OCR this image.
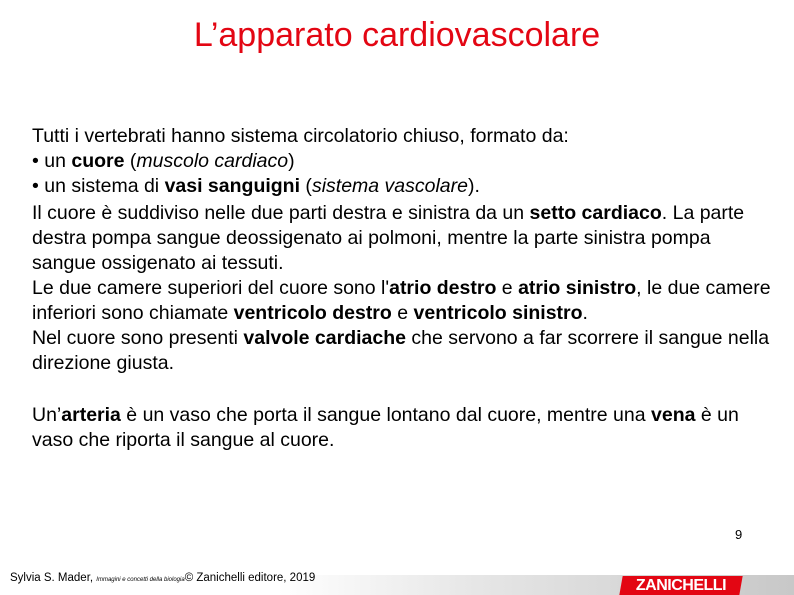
L’apparato cardiovascolare

Tutti i vertebrati hanno sistema circolatorio chiuso, formato da:

• un cuore (muscolo cardiaco)

• un sistema di vasi sanguigni (sistema vascolare).

Il cuore è suddiviso nelle due parti destra e sinistra da un setto cardiaco. La parte destra pompa sangue deossigenato ai polmoni, mentre la parte sinistra pompa sangue ossigenato ai tessuti.

Le due camere superiori del cuore sono l'atrio destro e atrio sinistro, le due camere inferiori sono chiamate ventricolo destro e ventricolo sinistro.

Nel cuore sono presenti valvole cardiache che servono a far scorrere il sangue nella direzione giusta.

Un’arteria è un vaso che porta il sangue lontano dal cuore, mentre una vena è un vaso che riporta il sangue al cuore.

9
Sylvia S. Mader, Immagini e concetti della biologia© Zanichelli editore, 2019	ZANICHELLI
